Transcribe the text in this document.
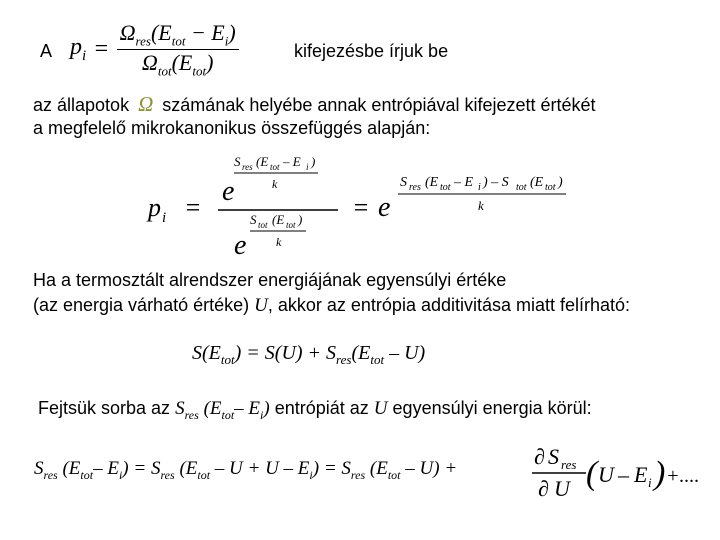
A $p_i = \frac{\Omega_{res}(E_{tot} - E_i)}{\Omega_{tot}(E_{tot})}$	kifejezésbe írjuk be
az állapotok Ω számának helyébe annak entrópiával kifejezett értékét
a megfelelő mikrokanonikus összefüggés alapján:
p i =
e
S res (E tot – E i )
k
e
S tot (E tot )
k
= e
S res (E tot – E i ) – S tot (E tot )
k
Ha a termosztált alrendszer energiájának egyensúlyi értéke
(az energia várható értéke) U, akkor az entrópia additivitása miatt felírható:
$S(E_{tot}) = S(U) + S_{res}(E_{tot} - U)$
Fejtsük sorba az $S_{res}$ ($E_{tot}-$ $E_i$) entrópiát az U egyensúlyi energia körül:
$S_{res}$ ($E_{tot}-$ $E_i) = S_{res}$ $(E_{tot} - U + U - E_i) = S_{res}$ $(E_{tot} - U)$ +	∂ S res
∂ U ( U – E i ) +....
